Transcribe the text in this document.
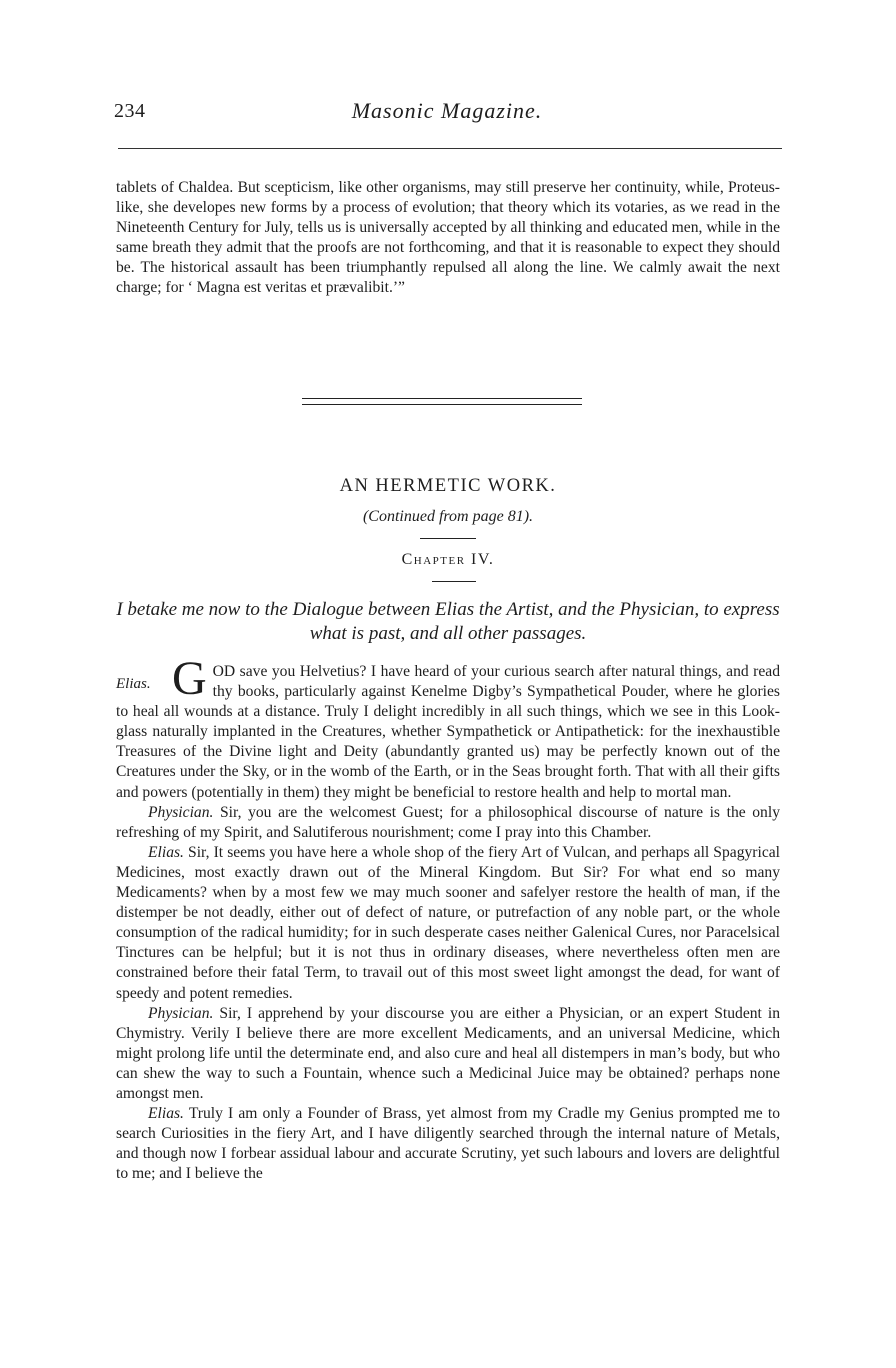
234	Masonic Magazine.

tablets of Chaldea. But scepticism, like other organisms, may still preserve her continuity, while, Proteus-like, she developes new forms by a process of evolution; that theory which its votaries, as we read in the Nineteenth Century for July, tells us is universally accepted by all thinking and educated men, while in the same breath they admit that the proofs are not forthcoming, and that it is reasonable to expect they should be. The historical assault has been triumphantly repulsed all along the line. We calmly await the next charge; for ‘ Magna est veritas et prævalibit.’”

AN HERMETIC WORK.
(Continued from page 81).
Chapter IV.
I betake me now to the Dialogue between Elias the Artist, and the Physician, to express what is past, and all other passages.
Elias. G OD save you Helvetius? I have heard of your curious search after natural things, and read thy books, particularly against Kenelme Digby’s Sympathetical Pouder, where he glories to heal all wounds at a distance. Truly I delight incredibly in all such things, which we see in this Look-glass naturally implanted in the Creatures, whether Sympathetick or Antipathetick: for the inexhaustible Treasures of the Divine light and Deity (abundantly granted us) may be perfectly known out of the Creatures under the Sky, or in the womb of the Earth, or in the Seas brought forth. That with all their gifts and powers (potentially in them) they might be beneficial to restore health and help to mortal man.

Physician. Sir, you are the welcomest Guest; for a philosophical discourse of nature is the only refreshing of my Spirit, and Salutiferous nourishment; come I pray into this Chamber.

Elias. Sir, It seems you have here a whole shop of the fiery Art of Vulcan, and perhaps all Spagyrical Medicines, most exactly drawn out of the Mineral Kingdom. But Sir? For what end so many Medicaments? when by a most few we may much sooner and safelyer restore the health of man, if the distemper be not deadly, either out of defect of nature, or putrefaction of any noble part, or the whole consumption of the radical humidity; for in such desperate cases neither Galenical Cures, nor Paracelsical Tinctures can be helpful; but it is not thus in ordinary diseases, where nevertheless often men are constrained before their fatal Term, to travail out of this most sweet light amongst the dead, for want of speedy and potent remedies.

Physician. Sir, I apprehend by your discourse you are either a Physician, or an expert Student in Chymistry. Verily I believe there are more excellent Medicaments, and an universal Medicine, which might prolong life until the determinate end, and also cure and heal all distempers in man’s body, but who can shew the way to such a Fountain, whence such a Medicinal Juice may be obtained? perhaps none amongst men.

Elias. Truly I am only a Founder of Brass, yet almost from my Cradle my Genius prompted me to search Curiosities in the fiery Art, and I have diligently searched through the internal nature of Metals, and though now I forbear assidual labour and accurate Scrutiny, yet such labours and lovers are delightful to me; and I believe the
